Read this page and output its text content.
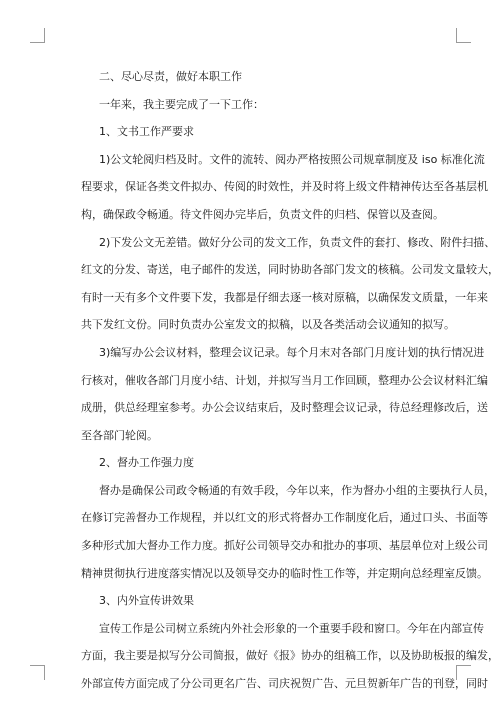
二、尽心尽责，做好本职工作
一年来，我主要完成了一下工作：
1、文书工作严要求
1)公文轮阅归档及时。文件的流转、阅办严格按照公司规章制度及 iso 标准化流
程要求，保证各类文件拟办、传阅的时效性，并及时将上级文件精神传达至各基层机
构，确保政令畅通。待文件阅办完毕后，负责文件的归档、保管以及查阅。
2)下发公文无差错。做好分公司的发文工作，负责文件的套打、修改、附件扫描、
红文的分发、寄送，电子邮件的发送，同时协助各部门发文的核稿。公司发文量较大，
有时一天有多个文件要下发，我都是仔细去逐一核对原稿，以确保发文质量，一年来
共下发红文份。同时负责办公室发文的拟稿，以及各类活动会议通知的拟写。
3)编写办公会议材料，整理会议记录。每个月末对各部门月度计划的执行情况进
行核对，催收各部门月度小结、计划，并拟写当月工作回顾，整理办公会议材料汇编
成册，供总经理室参考。办公会议结束后，及时整理会议记录，待总经理修改后，送
至各部门轮阅。
2、督办工作强力度
督办是确保公司政令畅通的有效手段，今年以来，作为督办小组的主要执行人员，
在修订完善督办工作规程，并以红文的形式将督办工作制度化后，通过口头、书面等
多种形式加大督办工作力度。抓好公司领导交办和批办的事项、基层单位对上级公司
精神贯彻执行进度落实情况以及领导交办的临时性工作等，并定期向总经理室反馈。
3、内外宣传讲效果
宣传工作是公司树立系统内外社会形象的一个重要手段和窗口。今年在内部宣传
方面，我主要是拟写分公司简报，做好《报》协办的组稿工作，以及协助板报的编发，
外部宣传方面完成了分公司更名广告、司庆祝贺广告、元旦贺新年广告的刊登，同时
